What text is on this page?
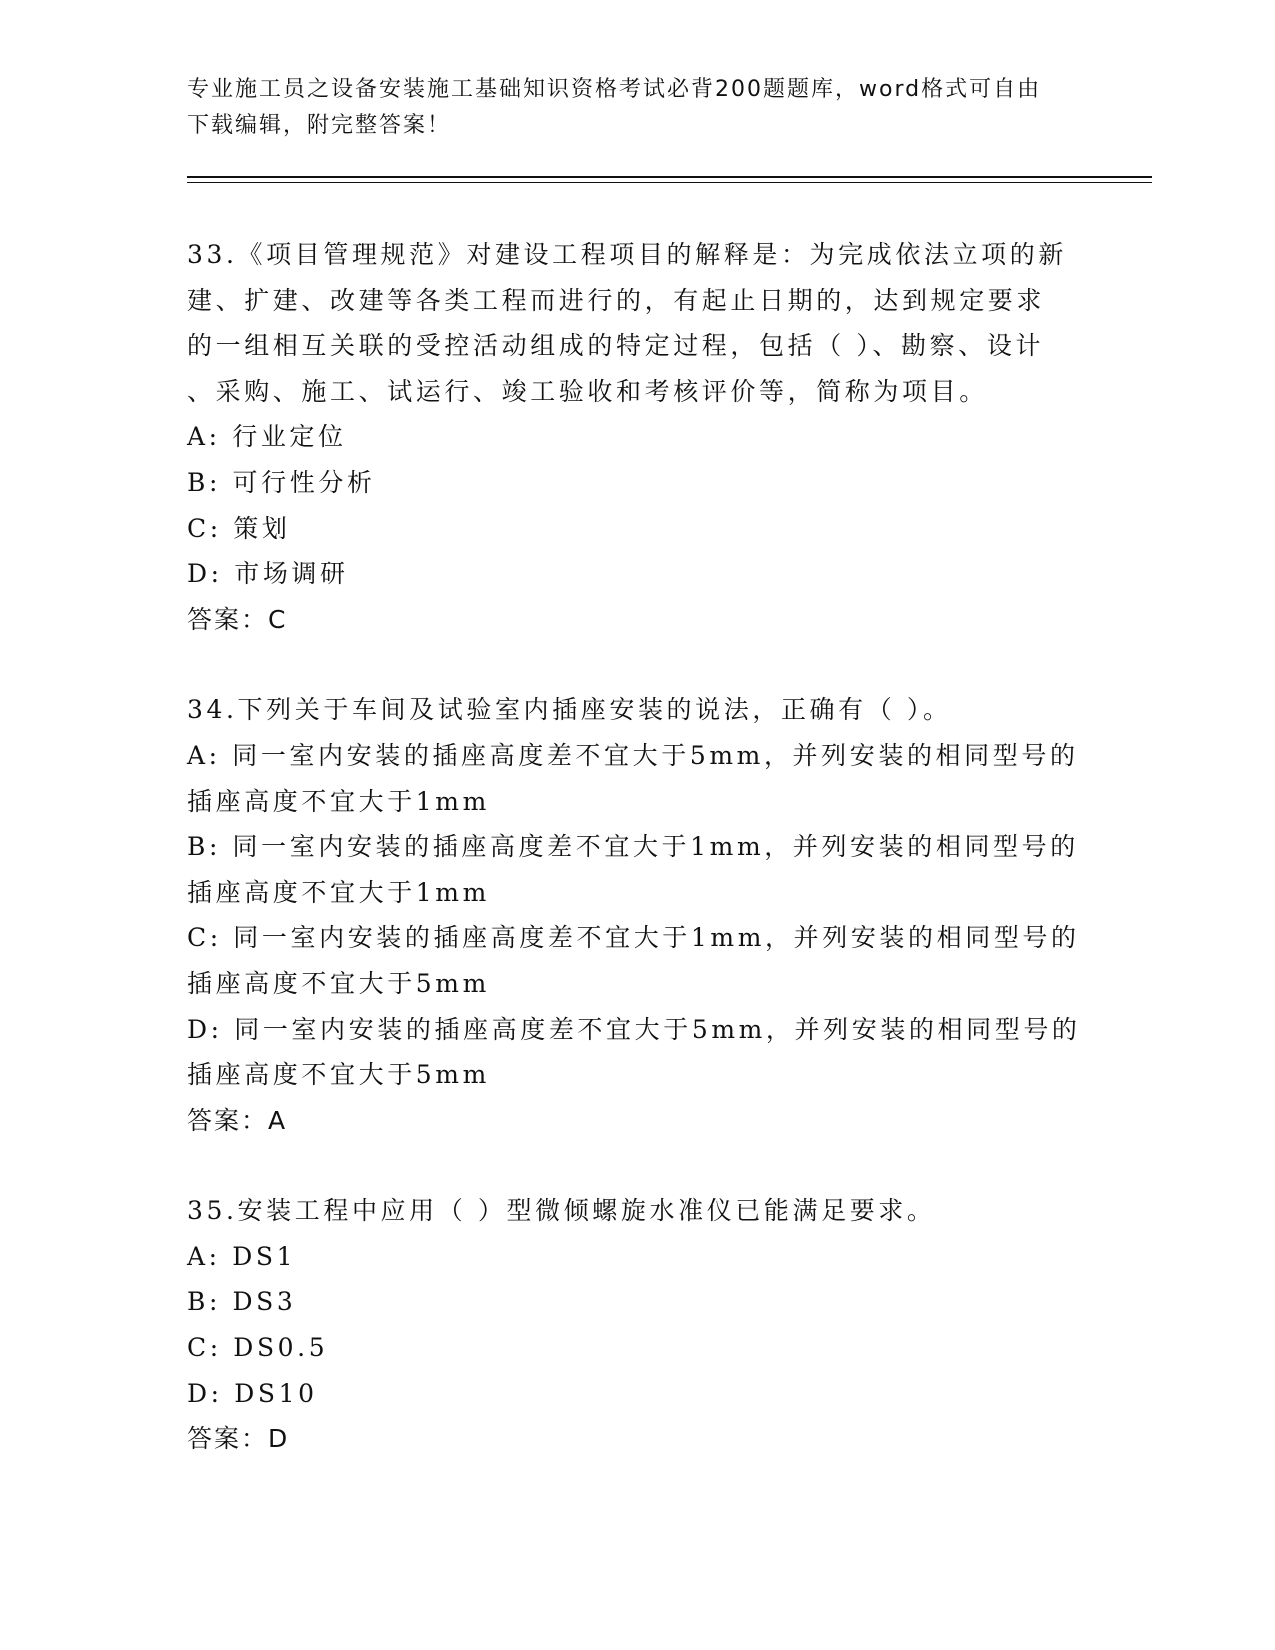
专业施工员之设备安装施工基础知识资格考试必背200题题库，word格式可自由
下载编辑，附完整答案！
33.《项目管理规范》对建设工程项目的解释是：为完成依法立项的新
建、扩建、改建等各类工程而进行的，有起止日期的，达到规定要求
的一组相互关联的受控活动组成的特定过程，包括（ ）、勘察、设计
、采购、施工、试运行、竣工验收和考核评价等，简称为项目。
A: 行业定位
B: 可行性分析
C: 策划
D: 市场调研
答案：C
34.下列关于车间及试验室内插座安装的说法，正确有（ ）。
A: 同一室内安装的插座高度差不宜大于5mm，并列安装的相同型号的
插座高度不宜大于1mm
B: 同一室内安装的插座高度差不宜大于1mm，并列安装的相同型号的
插座高度不宜大于1mm
C: 同一室内安装的插座高度差不宜大于1mm，并列安装的相同型号的
插座高度不宜大于5mm
D: 同一室内安装的插座高度差不宜大于5mm，并列安装的相同型号的
插座高度不宜大于5mm
答案：A
35.安装工程中应用（ ）型微倾螺旋水准仪已能满足要求。
A: DS1
B: DS3
C: DS0.5
D: DS10
答案：D
